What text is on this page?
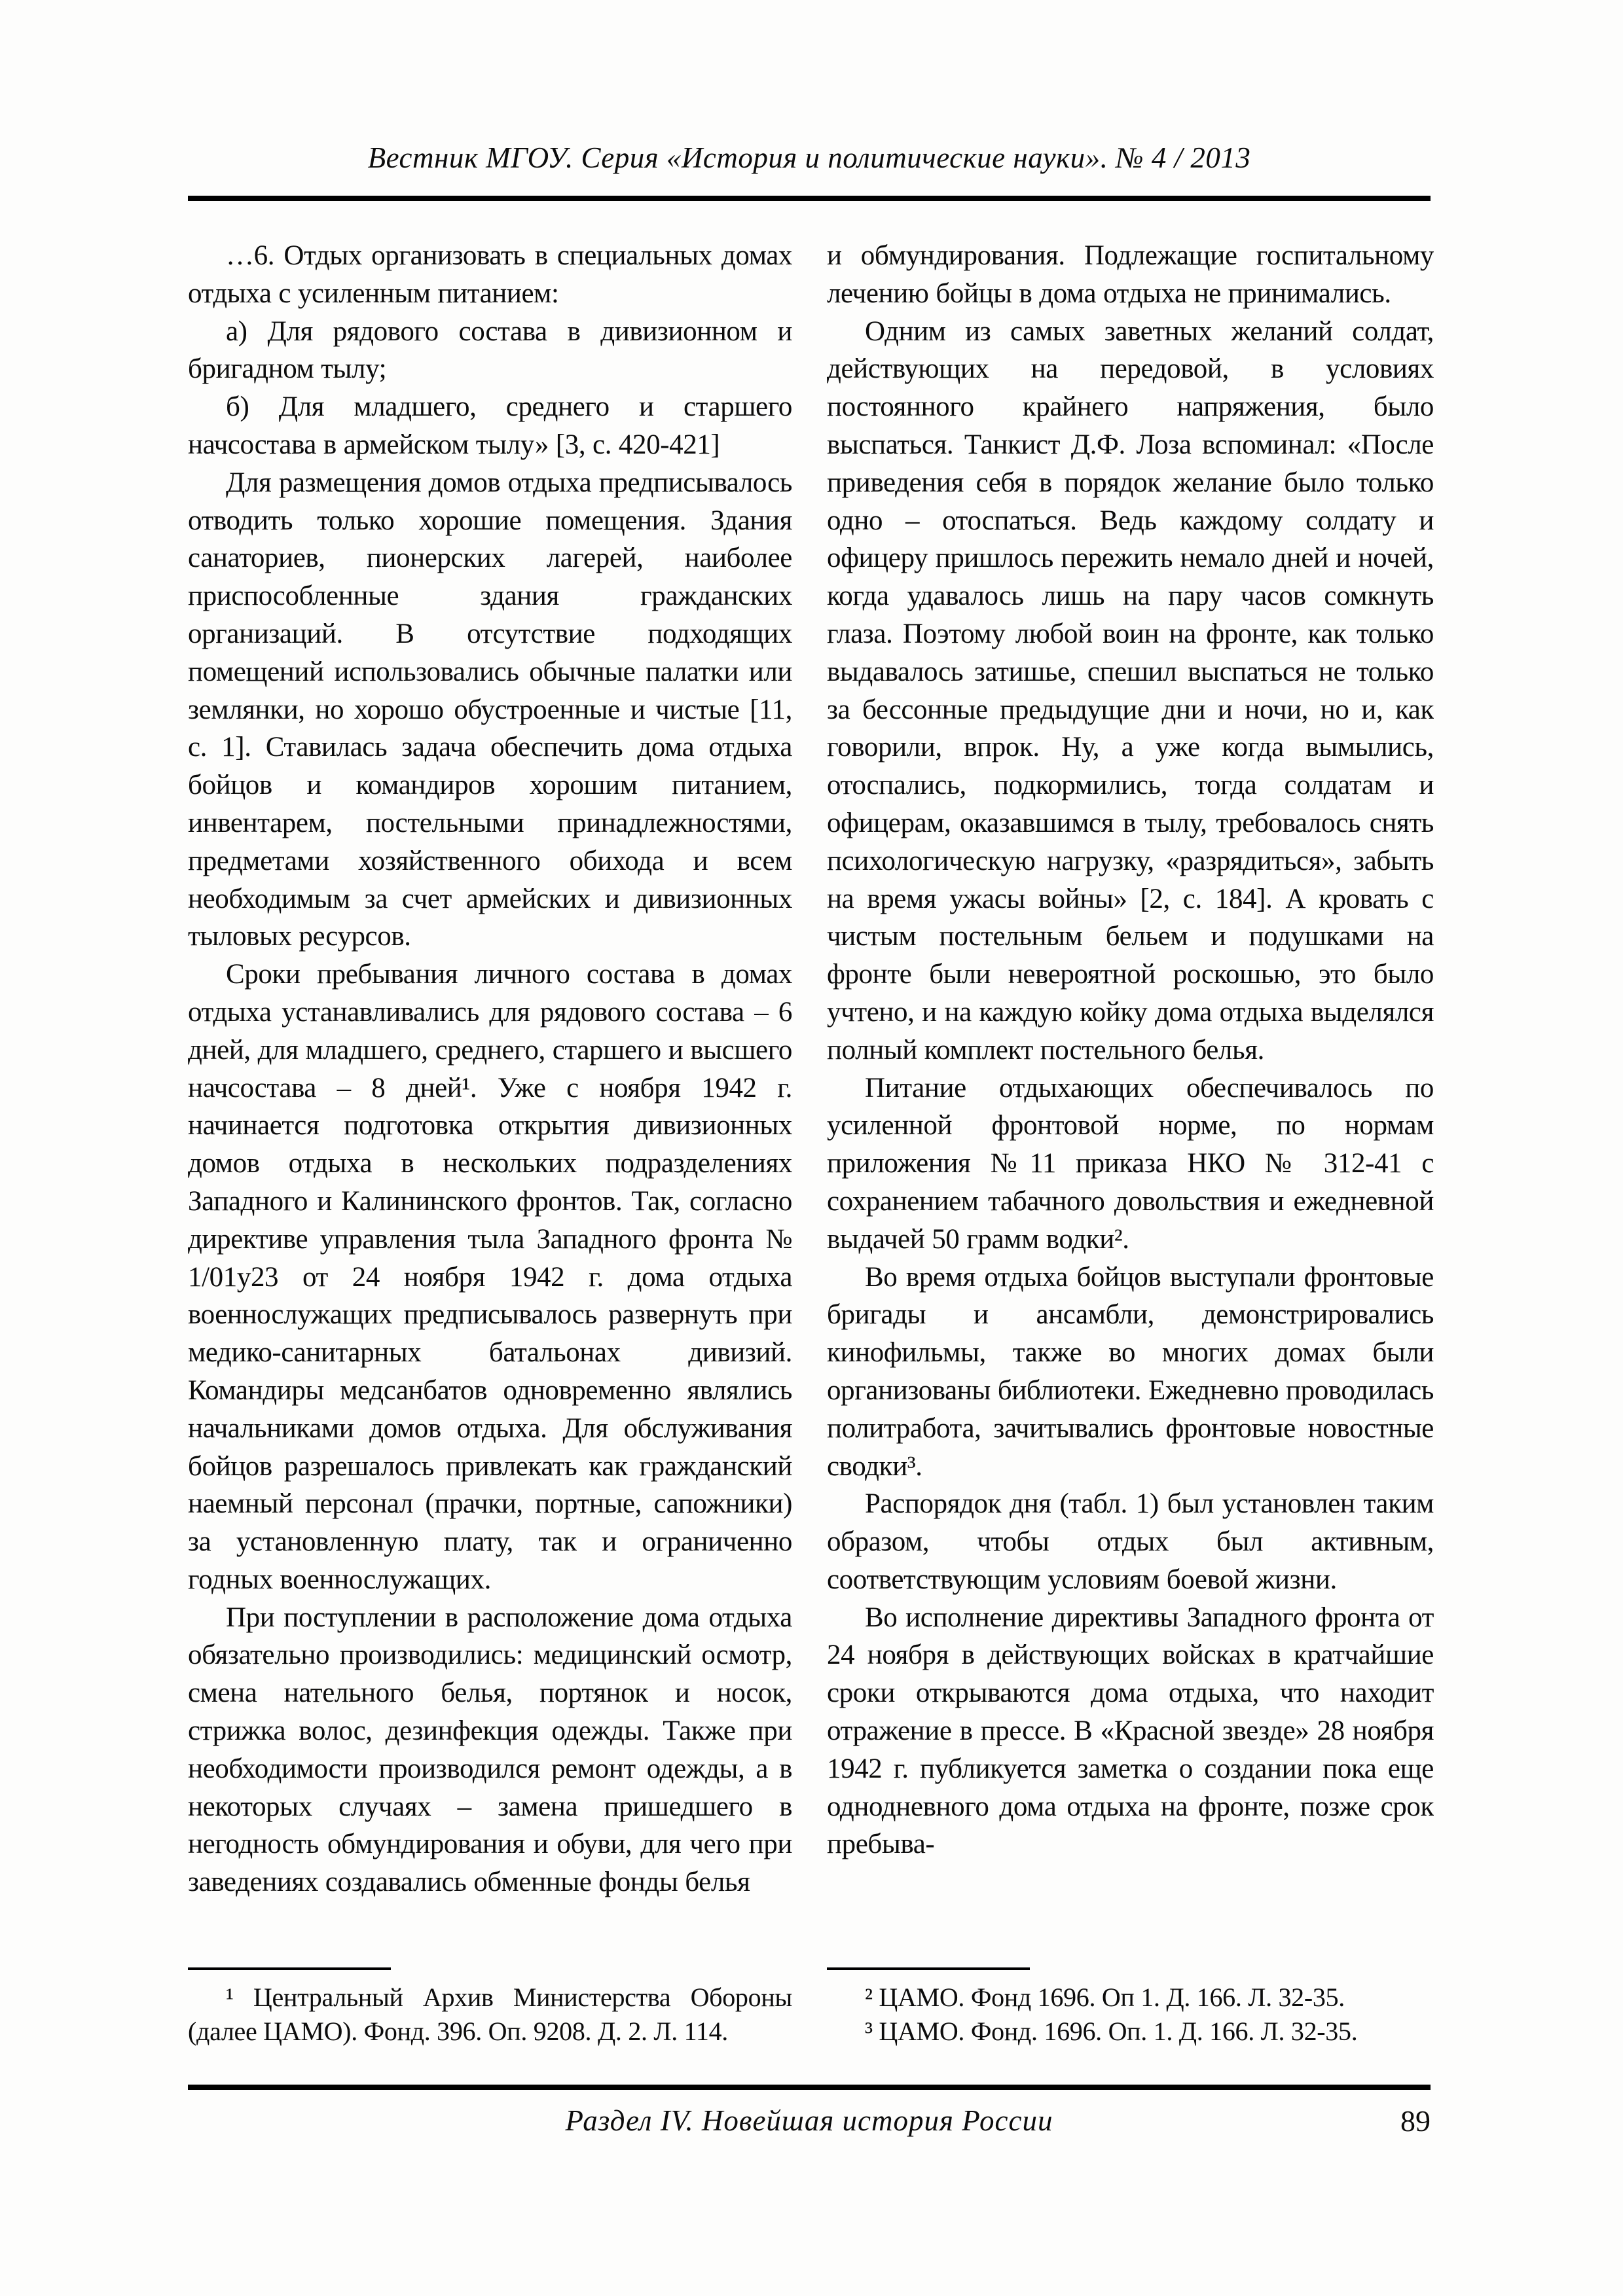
Вестник МГОУ. Серия «История и политические науки». № 4 / 2013

…6. Отдых организовать в специальных домах отдыха с усиленным питанием:

а) Для рядового состава в дивизионном и бригадном тылу;

б) Для младшего, среднего и старшего начсостава в армейском тылу» [3, с. 420-421]

Для размещения домов отдыха предписывалось отводить только хорошие помещения. Здания санаториев, пионерских лагерей, наиболее приспособленные здания гражданских организаций. В отсутствие подходящих помещений использовались обычные палатки или землянки, но хорошо обустроенные и чистые [11, с. 1]. Ставилась задача обеспечить дома отдыха бойцов и командиров хорошим питанием, инвентарем, постельными принадлежностями, предметами хозяйственного обихода и всем необходимым за счет армейских и дивизионных тыловых ресурсов.

Сроки пребывания личного состава в домах отдыха устанавливались для рядового состава – 6 дней, для младшего, среднего, старшего и высшего начсостава – 8 дней¹. Уже с ноября 1942 г. начинается подготовка открытия дивизионных домов отдыха в нескольких подразделениях Западного и Калининского фронтов. Так, согласно директиве управления тыла Западного фронта № 1/01у23 от 24 ноября 1942 г. дома отдыха военнослужащих предписывалось развернуть при медико-санитарных батальонах дивизий. Командиры медсанбатов одновременно являлись начальниками домов отдыха. Для обслуживания бойцов разрешалось привлекать как гражданский наемный персонал (прачки, портные, сапожники) за установленную плату, так и ограниченно годных военнослужащих.

При поступлении в расположение дома отдыха обязательно производились: медицинский осмотр, смена нательного белья, портянок и носок, стрижка волос, дезинфекция одежды. Также при необходимости производился ремонт одежды, а в некоторых случаях – замена пришедшего в негодность обмундирования и обуви, для чего при заведениях создавались обменные фонды белья

и обмундирования. Подлежащие госпитальному лечению бойцы в дома отдыха не принимались.

Одним из самых заветных желаний солдат, действующих на передовой, в условиях постоянного крайнего напряжения, было выспаться. Танкист Д.Ф. Лоза вспоминал: «После приведения себя в порядок желание было только одно – отоспаться. Ведь каждому солдату и офицеру пришлось пережить немало дней и ночей, когда удавалось лишь на пару часов сомкнуть глаза. Поэтому любой воин на фронте, как только выдавалось затишье, спешил выспаться не только за бессонные предыдущие дни и ночи, но и, как говорили, впрок. Ну, а уже когда вымылись, отоспались, подкормились, тогда солдатам и офицерам, оказавшимся в тылу, требовалось снять психологическую нагрузку, «разрядиться», забыть на время ужасы войны» [2, с. 184]. А кровать с чистым постельным бельем и подушками на фронте были невероятной роскошью, это было учтено, и на каждую койку дома отдыха выделялся полный комплект постельного белья.

Питание отдыхающих обеспечивалось по усиленной фронтовой норме, по нормам приложения №11 приказа НКО № 312-41 с сохранением табачного довольствия и ежедневной выдачей 50 грамм водки².

Во время отдыха бойцов выступали фронтовые бригады и ансамбли, демонстрировались кинофильмы, также во многих домах были организованы библиотеки. Ежедневно проводилась политработа, зачитывались фронтовые новостные сводки³.

Распорядок дня (табл. 1) был установлен таким образом, чтобы отдых был активным, соответствующим условиям боевой жизни.

Во исполнение директивы Западного фронта от 24 ноября в действующих войсках в кратчайшие сроки открываются дома отдыха, что находит отражение в прессе. В «Красной звезде» 28 ноября 1942 г. публикуется заметка о создании пока еще однодневного дома отдыха на фронте, позже срок пребыва-

¹ Центральный Архив Министерства Обороны (далее ЦАМО). Фонд. 396. Оп. 9208. Д. 2. Л. 114.

² ЦАМО. Фонд 1696. Оп 1. Д. 166. Л. 32-35.

³ ЦАМО. Фонд. 1696. Оп. 1. Д. 166. Л. 32-35.

Раздел IV. Новейшая история России	89
